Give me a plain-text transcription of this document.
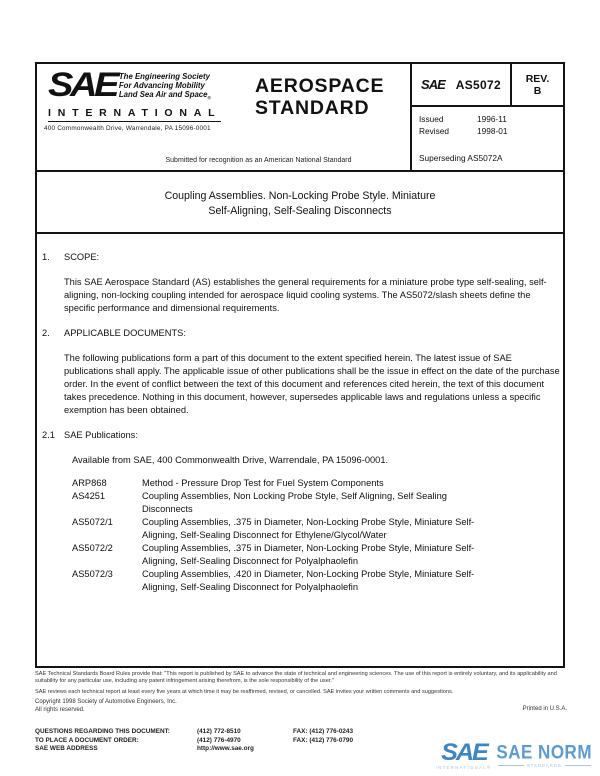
SAE The Engineering Society
For Advancing Mobility
Land Sea Air and Space$_®$
INTERNATIONAL
400 Commonwealth Drive, Warrendale, PA 15096-0001
AEROSPACE
STANDARD
Submitted for recognition as an American National Standard
SAE AS5072 REV.
B
Issued	1996-11
Revised	1998-01
Superseding AS5072A
Coupling Assemblies. Non-Locking Probe Style. Miniature
Self-Aligning, Self-Sealing Disconnects
1.	SCOPE:

This SAE Aerospace Standard (AS) establishes the general requirements for a miniature probe type self-sealing, self-aligning, non-locking coupling intended for aerospace liquid cooling systems. The AS5072/slash sheets define the specific performance and dimensional requirements.

2.	APPLICABLE DOCUMENTS:

The following publications form a part of this document to the extent specified herein. The latest issue of SAE publications shall apply. The applicable issue of other publications shall be the issue in effect on the date of the purchase order. In the event of conflict between the text of this document and references cited herein, the text of this document takes precedence. Nothing in this document, however, supersedes applicable laws and regulations unless a specific exemption has been obtained.

2.1 SAE Publications:

Available from SAE, 400 Commonwealth Drive, Warrendale, PA 15096-0001.

ARP868	Method - Pressure Drop Test for Fuel System Components
AS4251	Coupling Assemblies, Non Locking Probe Style, Self Aligning, Self Sealing Disconnects
AS5072/1	Coupling Assemblies, .375 in Diameter, Non-Locking Probe Style, Miniature Self-Aligning, Self-Sealing Disconnect for Ethylene/Glycol/Water
AS5072/2	Coupling Assemblies, .375 in Diameter, Non-Locking Probe Style, Miniature Self-Aligning, Self-Sealing Disconnect for Polyalphaolefin
AS5072/3	Coupling Assemblies, .420 in Diameter, Non-Locking Probe Style, Miniature Self-Aligning, Self-Sealing Disconnect for Polyalphaolefin
SAE Technical Standards Board Rules provide that: "This report is published by SAE to advance the state of technical and engineering sciences. The use of this report is entirely voluntary, and its applicability and suitability for any particular use, including any patent infringement arising therefrom, is the sole responsibility of the user."
SAE reviews each technical report at least every five years at which time it may be reaffirmed, revised, or cancelled. SAE invites your written comments and suggestions.
Copyright 1998 Society of Automotive Engineers, Inc.
All rights reserved.	Printed in U.S.A.
QUESTIONS REGARDING THIS DOCUMENT:	(412) 772-8510	FAX: (412) 776-0243
TO PLACE A DOCUMENT ORDER:	(412) 776-4970	FAX: (412) 776-0790
SAE WEB ADDRESS	http://www.sae.org	SAE
INTERNATIONAL®
SAE NORM
STANDARDS
